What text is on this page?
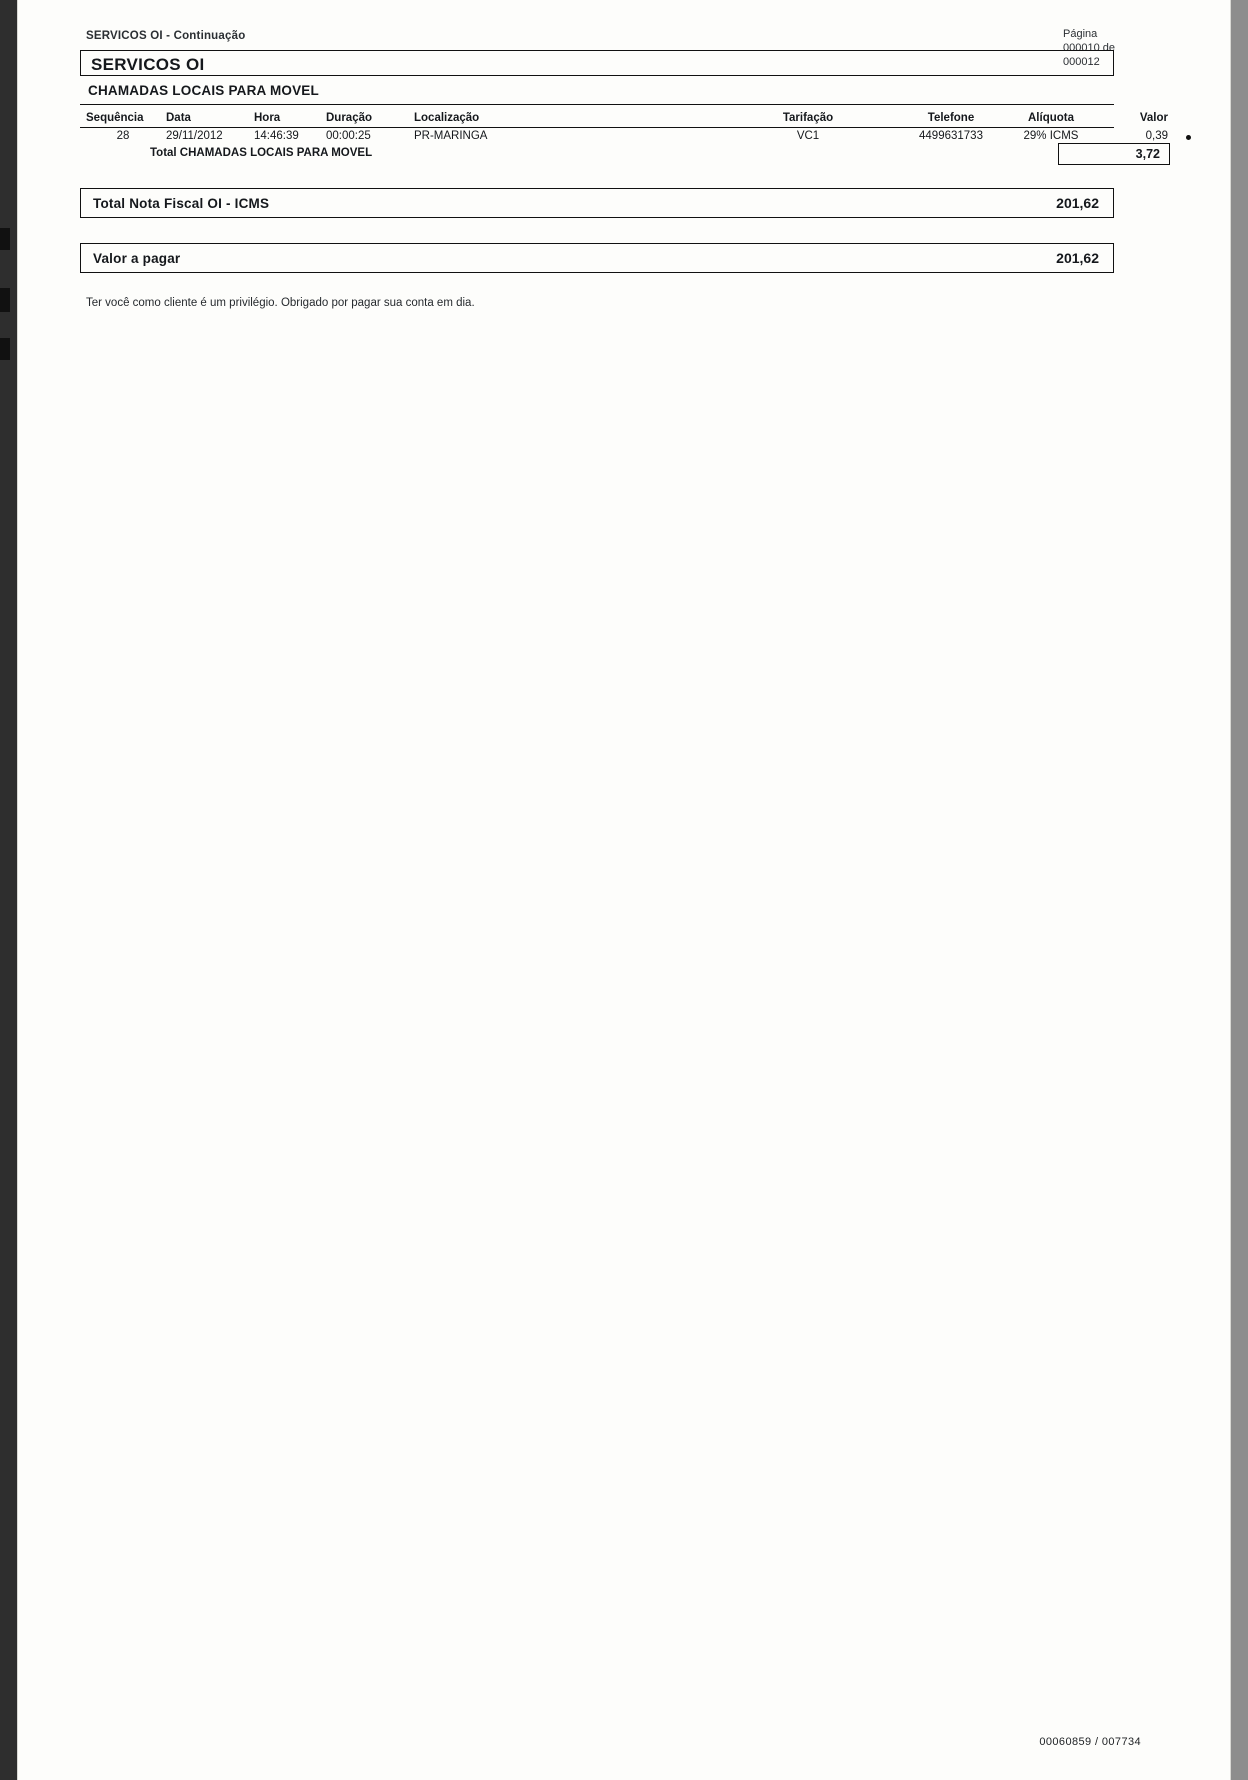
SERVICOS OI - Continuação	Página
000010 de
000012
SERVICOS OI
CHAMADAS LOCAIS PARA MOVEL
Sequência	Data	Hora	Duração	Localização	Tarifação	Telefone	Alíquota	Valor
28	29/11/2012	14:46:39	00:00:25	PR-MARINGA	VC1	4499631733	29% ICMS	0,39
Total CHAMADAS LOCAIS PARA MOVEL	3,72
Total Nota Fiscal OI - ICMS	201,62
Valor a pagar	201,62
Ter você como cliente é um privilégio. Obrigado por pagar sua conta em dia.
00060859 / 007734
